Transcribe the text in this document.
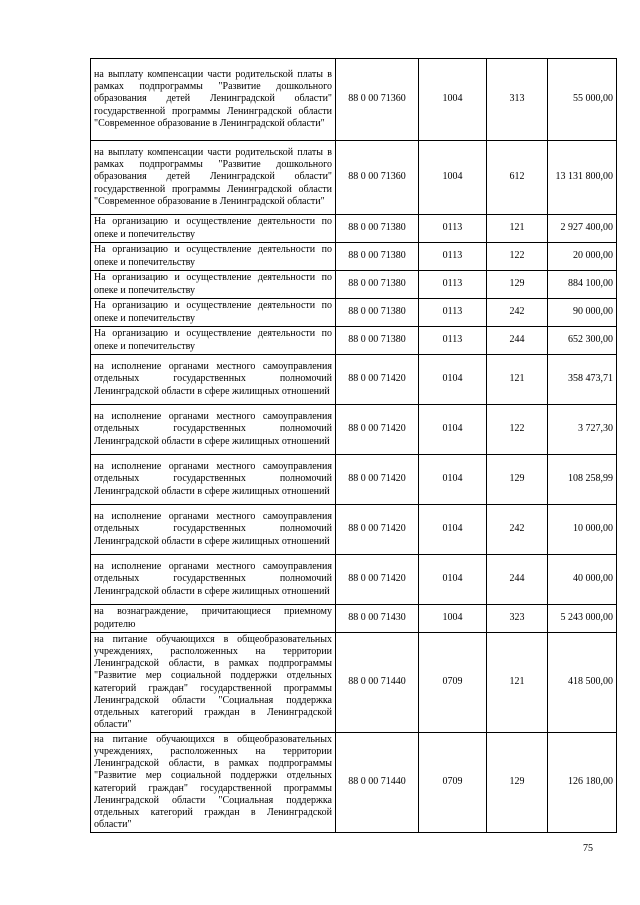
на выплату компенсации части родительской платы в рамках подпрограммы "Развитие дошкольного образования детей Ленинградской области" государственной программы Ленинградской области "Современное образование в Ленинградской области"	88 0 00 71360	1004	313	55 000,00
на выплату компенсации части родительской платы в рамках подпрограммы "Развитие дошкольного образования детей Ленинградской области" государственной программы Ленинградской области "Современное образование в Ленинградской области"	88 0 00 71360	1004	612	13 131 800,00
На организацию и осуществление деятельности по опеке и попечительству	88 0 00 71380	0113	121	2 927 400,00
На организацию и осуществление деятельности по опеке и попечительству	88 0 00 71380	0113	122	20 000,00
На организацию и осуществление деятельности по опеке и попечительству	88 0 00 71380	0113	129	884 100,00
На организацию и осуществление деятельности по опеке и попечительству	88 0 00 71380	0113	242	90 000,00
На организацию и осуществление деятельности по опеке и попечительству	88 0 00 71380	0113	244	652 300,00
на исполнение органами местного самоуправления отдельных государственных полномочий Ленинградской области в сфере жилищных отношений	88 0 00 71420	0104	121	358 473,71
на исполнение органами местного самоуправления отдельных государственных полномочий Ленинградской области в сфере жилищных отношений	88 0 00 71420	0104	122	3 727,30
на исполнение органами местного самоуправления отдельных государственных полномочий Ленинградской области в сфере жилищных отношений	88 0 00 71420	0104	129	108 258,99
на исполнение органами местного самоуправления отдельных государственных полномочий Ленинградской области в сфере жилищных отношений	88 0 00 71420	0104	242	10 000,00
на исполнение органами местного самоуправления отдельных государственных полномочий Ленинградской области в сфере жилищных отношений	88 0 00 71420	0104	244	40 000,00
на вознаграждение, причитающиеся приемному родителю	88 0 00 71430	1004	323	5 243 000,00
на питание обучающихся в общеобразовательных учреждениях, расположенных на территории Ленинградской области, в рамках подпрограммы "Развитие мер социальной поддержки отдельных категорий граждан" государственной программы Ленинградской области "Социальная поддержка отдельных категорий граждан в Ленинградской области"	88 0 00 71440	0709	121	418 500,00
на питание обучающихся в общеобразовательных учреждениях, расположенных на территории Ленинградской области, в рамках подпрограммы "Развитие мер социальной поддержки отдельных категорий граждан" государственной программы Ленинградской области "Социальная поддержка отдельных категорий граждан в Ленинградской области"	88 0 00 71440	0709	129	126 180,00
75
